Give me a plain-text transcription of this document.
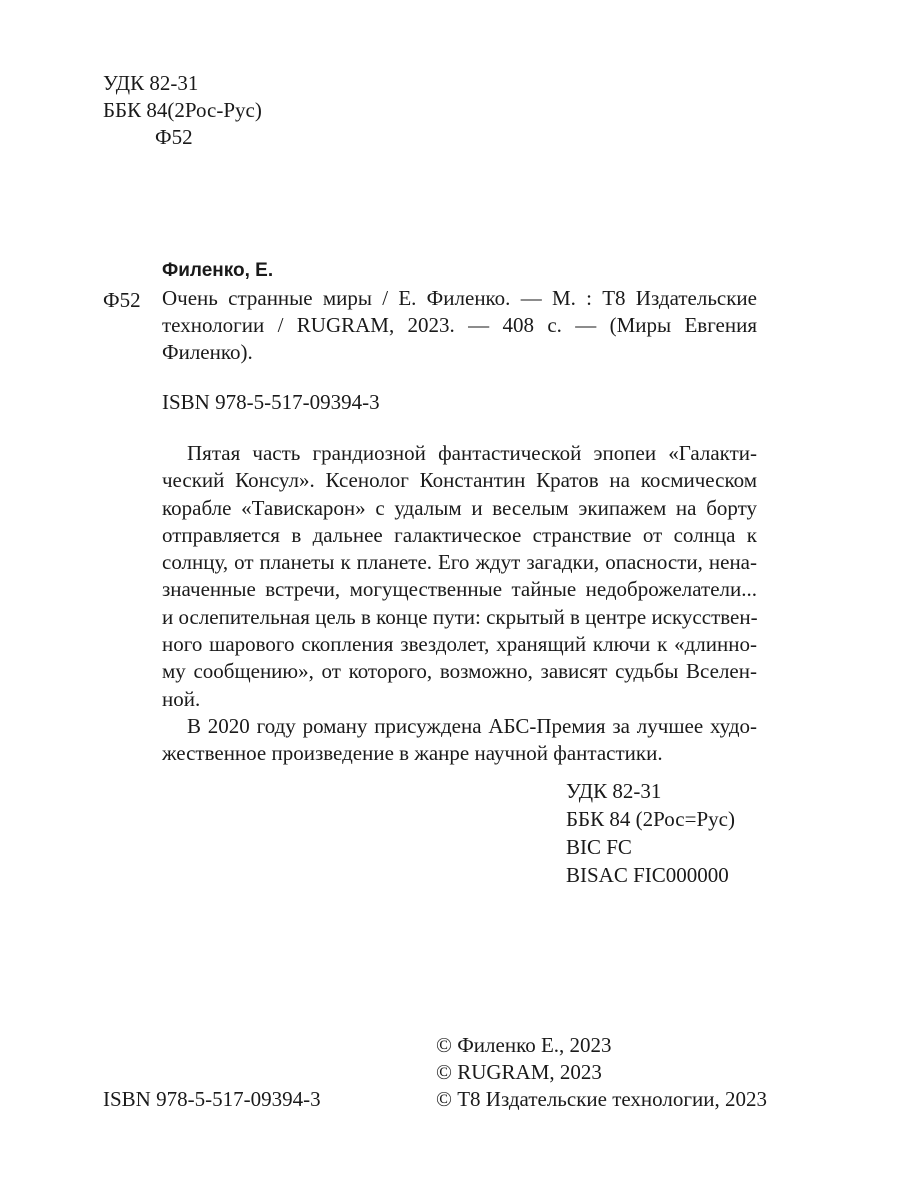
УДК 82-31
ББК 84(2Рос-Рус)
Ф52
Филенко, Е.
Ф52 Очень странные миры / Е. Филенко. — М. : Т8 Издательские
технологии / RUGRAM, 2023. — 408 с. — (Миры Евгения
Филенко).
ISBN 978-5-517-09394-3
Пятая часть грандиозной фантастической эпопеи «Галакти-
ческий Консул». Ксенолог Константин Кратов на космическом
корабле «Тавискарон» с удалым и веселым экипажем на борту
отправляется в дальнее галактическое странствие от солнца к
солнцу, от планеты к планете. Его ждут загадки, опасности, нена-
значенные встречи, могущественные тайные недоброжелатели...
и ослепительная цель в конце пути: скрытый в центре искусствен-
ного шарового скопления звездолет, хранящий ключи к «длинно-
му сообщению», от которого, возможно, зависят судьбы Вселен-
ной.
В 2020 году роману присуждена АБС-Премия за лучшее худо-
жественное произведение в жанре научной фантастики.
УДК 82-31
ББК 84 (2Рос=Рус)
BIC FC
BISAC FIC000000
© Филенко Е., 2023
© RUGRAM, 2023
© Т8 Издательские технологии, 2023
ISBN 978-5-517-09394-3
